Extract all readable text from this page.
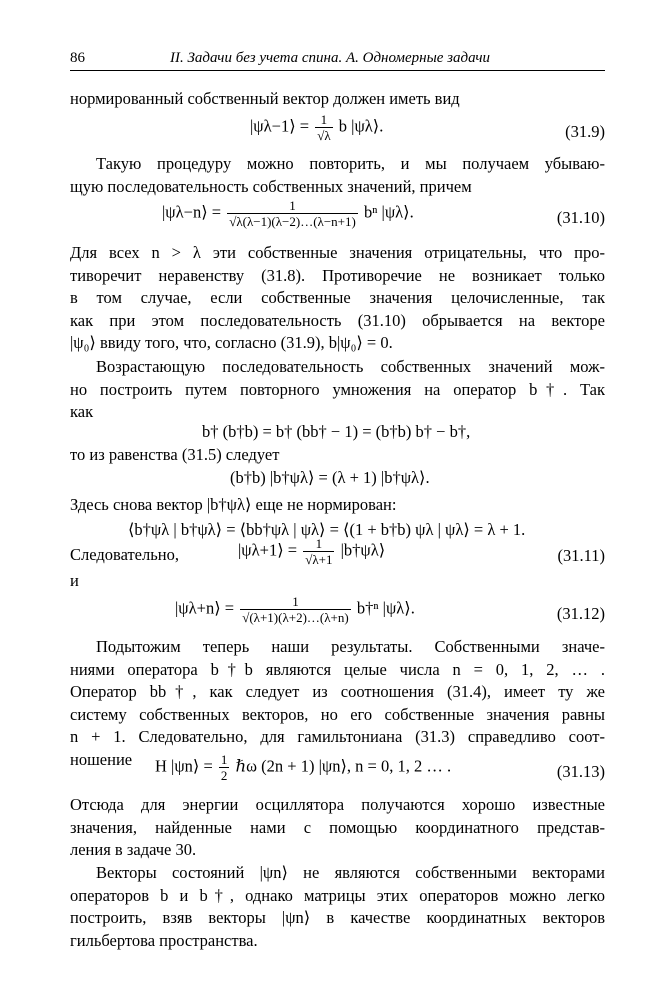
86	II. Задачи без учета спина. А. Одномерные задачи
нормированный собственный вектор должен иметь вид
|ψλ−1⟩ = $\frac{1}{√\lambda}$ b |ψλ⟩.	(31.9)
Такую процедуру можно повторить, и мы получаем убываю-
щую последовательность собственных значений, причем
|ψλ−n⟩ = $\frac{1}{√\lambda(\lambda-1)(\lambda-2)\dots(\lambda-n+1)}$ bⁿ |ψλ⟩.	(31.10)
Для всех n > λ эти собственные значения отрицательны, что про-
тиворечит неравенству (31.8). Противоречие не возникает только
в том случае, если собственные значения целочисленные, так
как при этом последовательность (31.10) обрывается на векторе
|ψ₀⟩ ввиду того, что, согласно (31.9), b|ψ₀⟩ = 0.
Возрастающую последовательность собственных значений мож-
но построить путем повторного умножения на оператор b†. Так
как
b† (b†b) = b† (bb† − 1) = (b†b) b† − b†,
то из равенства (31.5) следует
(b†b) |b†ψλ⟩ = (λ + 1) |b†ψλ⟩.
Здесь снова вектор |b†ψλ⟩ еще не нормирован:
⟨b†ψλ | b†ψλ⟩ = ⟨bb†ψλ | ψλ⟩ = ⟨(1 + b†b) ψλ | ψλ⟩ = λ + 1.
Следовательно,	|ψλ+1⟩ = $\frac{1}{√\lambda+1}$ |b†ψλ⟩	(31.11)
и
|ψλ+n⟩ = $\frac{1}{√(\lambda+1)(\lambda+2)\dots(\lambda+n)}$ b†ⁿ |ψλ⟩.	(31.12)
Подытожим теперь наши результаты. Собственными значе-
ниями оператора b†b являются целые числа n = 0, 1, 2, … .
Оператор bb†, как следует из соотношения (31.4), имеет ту же
систему собственных векторов, но его собственные значения равны
n + 1. Следовательно, для гамильтониана (31.3) справедливо соот-
ношение	H |ψn⟩ = $\frac{1}{2}$ ℏω (2n + 1) |ψn⟩, n = 0, 1, 2 … .	(31.13)
Отсюда для энергии осциллятора получаются хорошо известные
значения, найденные нами с помощью координатного представ-
ления в задаче 30.
Векторы состояний |ψn⟩ не являются собственными векторами
операторов b и b†, однако матрицы этих операторов можно легко
построить, взяв векторы |ψn⟩ в качестве координатных векторов
гильбертова пространства.
